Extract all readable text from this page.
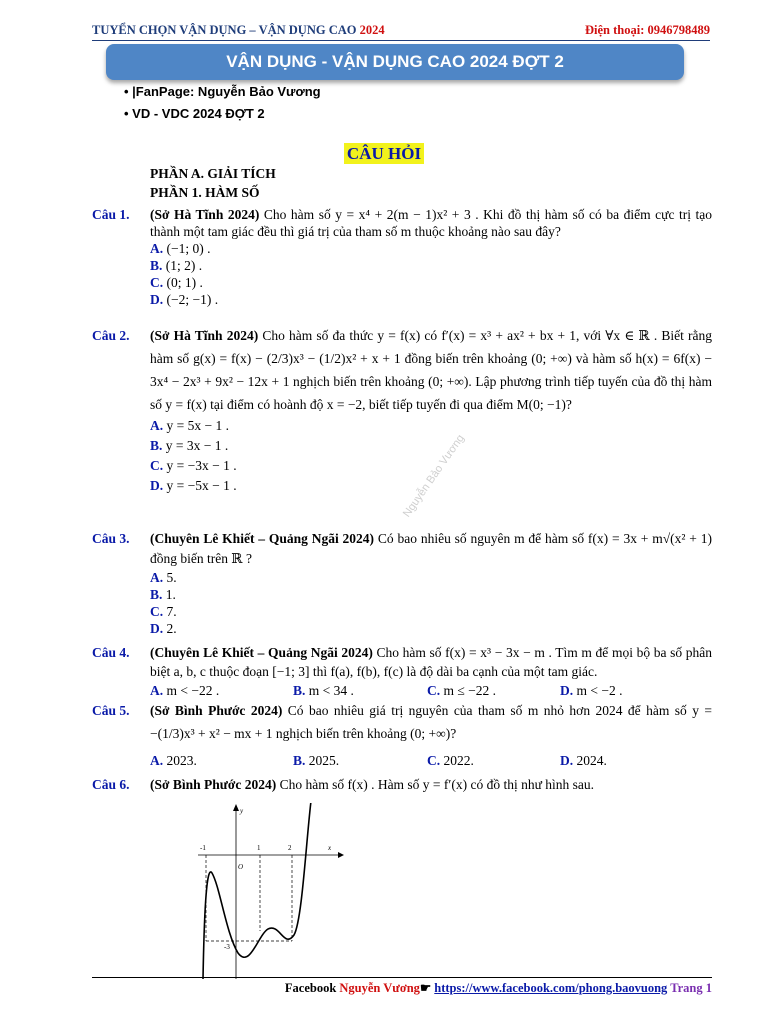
TUYỂN CHỌN VẬN DỤNG – VẬN DỤNG CAO 2024	Điện thoại: 0946798489
VẬN DỤNG - VẬN DỤNG CAO 2024 ĐỢT 2
• |FanPage: Nguyễn Bảo Vương
• VD - VDC 2024 ĐỢT 2
Nguyễn Bảo Vương
CÂU HỎI
PHẦN A. GIẢI TÍCH
PHẦN 1. HÀM SỐ
Câu 1. (Sở Hà Tĩnh 2024) Cho hàm số y = x⁴ + 2(m − 1)x² + 3 . Khi đồ thị hàm số có ba điểm cực trị tạo thành một tam giác đều thì giá trị của tham số m thuộc khoảng nào sau đây?
A. (−1; 0) .
B. (1; 2) .
C. (0; 1) .
D. (−2; −1) .
Câu 2. (Sở Hà Tĩnh 2024) Cho hàm số đa thức y = f(x) có f′(x) = x³ + ax² + bx + 1, với ∀x ∈ ℝ . Biết rằng hàm số g(x) = f(x) − (2/3)x³ − (1/2)x² + x + 1 đồng biến trên khoảng (0; +∞) và hàm số h(x) = 6f(x) − 3x⁴ − 2x³ + 9x² − 12x + 1 nghịch biến trên khoảng (0; +∞). Lập phương trình tiếp tuyến của đồ thị hàm số y = f(x) tại điểm có hoành độ x = −2, biết tiếp tuyến đi qua điểm M(0; −1)?
A. y = 5x − 1 .
B. y = 3x − 1 .
C. y = −3x − 1 .
D. y = −5x − 1 .
Câu 3. (Chuyên Lê Khiết – Quảng Ngãi 2024) Có bao nhiêu số nguyên m để hàm số f(x) = 3x + m√(x² + 1) đồng biến trên ℝ ?
A. 5.
B. 1.
C. 7.
D. 2.
Câu 4. (Chuyên Lê Khiết – Quảng Ngãi 2024) Cho hàm số f(x) = x³ − 3x − m . Tìm m để mọi bộ ba số phân biệt a, b, c thuộc đoạn [−1; 3] thì f(a), f(b), f(c) là độ dài ba cạnh của một tam giác.
A. m < −22 .	B. m < 34 .	C. m ≤ −22 .	D. m < −2 .
Câu 5. (Sở Bình Phước 2024) Có bao nhiêu giá trị nguyên của tham số m nhỏ hơn 2024 để hàm số y = −(1/3)x³ + x² − mx + 1 nghịch biến trên khoảng (0; +∞)?
A. 2023.	B. 2025.	C. 2022.	D. 2024.
Câu 6. (Sở Bình Phước 2024) Cho hàm số f(x) . Hàm số y = f′(x) có đồ thị như hình sau.
-1	1	2	x
y
O
-3
Facebook Nguyễn Vương☛ https://www.facebook.com/phong.baovuong Trang 1
